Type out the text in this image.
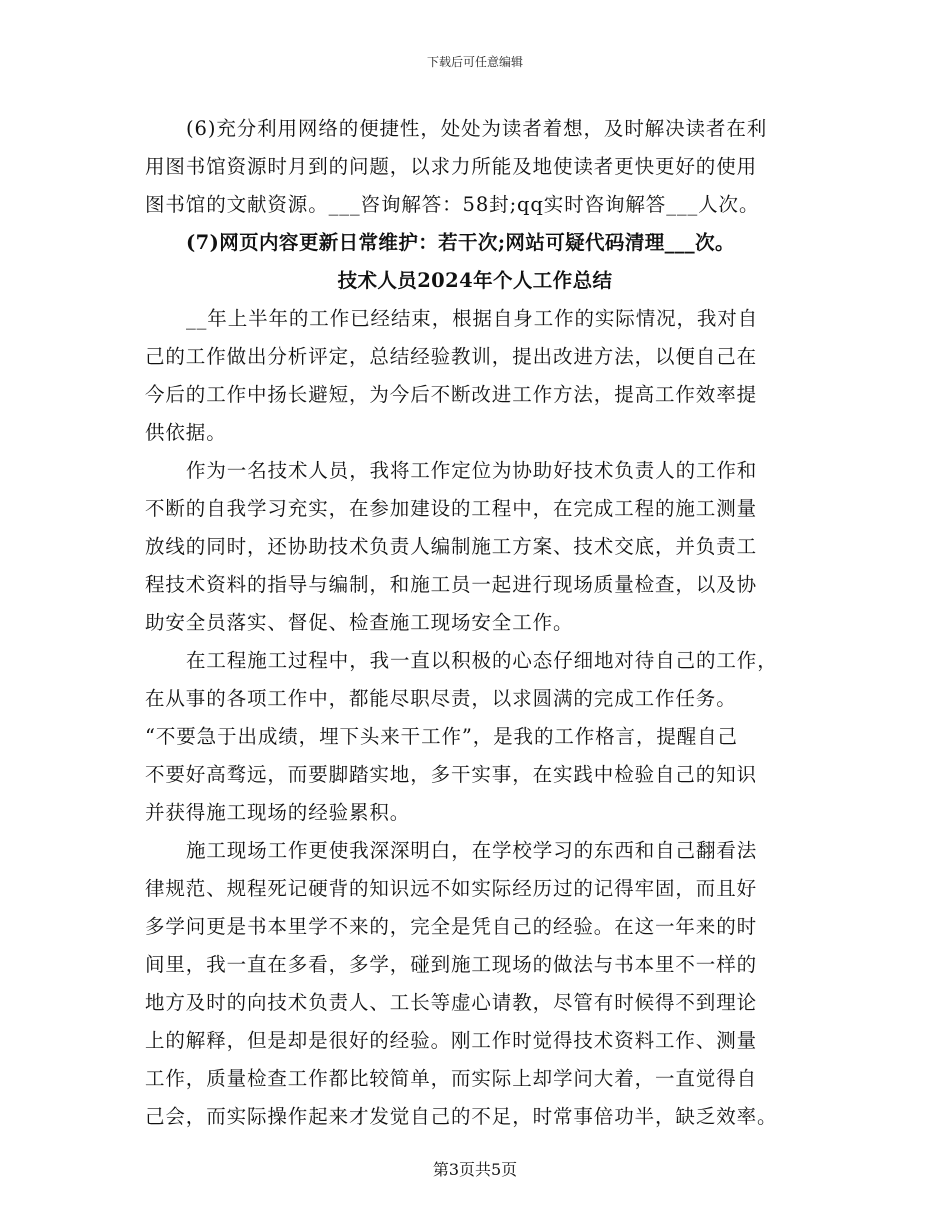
下载后可任意编辑
(6)充分利用网络的便捷性，处处为读者着想，及时解决读者在利
用图书馆资源时月到的问题，以求力所能及地使读者更快更好的使用
图书馆的文献资源。___咨询解答：58封;qq实时咨询解答___人次。
(7)网页内容更新日常维护：若干次;网站可疑代码清理___次。
技术人员2024年个人工作总结
__年上半年的工作已经结束，根据自身工作的实际情况，我对自
己的工作做出分析评定，总结经验教训，提出改进方法，以便自己在
今后的工作中扬长避短，为今后不断改进工作方法，提高工作效率提
供依据。
作为一名技术人员，我将工作定位为协助好技术负责人的工作和
不断的自我学习充实，在参加建设的工程中，在完成工程的施工测量
放线的同时，还协助技术负责人编制施工方案、技术交底，并负责工
程技术资料的指导与编制，和施工员一起进行现场质量检查，以及协
助安全员落实、督促、检查施工现场安全工作。
在工程施工过程中，我一直以积极的心态仔细地对待自己的工作，
在从事的各项工作中，都能尽职尽责，以求圆满的完成工作任务。
“不要急于出成绩，埋下头来干工作”，是我的工作格言，提醒自己
不要好高骛远，而要脚踏实地，多干实事，在实践中检验自己的知识
并获得施工现场的经验累积。
施工现场工作更使我深深明白，在学校学习的东西和自己翻看法
律规范、规程死记硬背的知识远不如实际经历过的记得牢固，而且好
多学问更是书本里学不来的，完全是凭自己的经验。在这一年来的时
间里，我一直在多看，多学，碰到施工现场的做法与书本里不一样的
地方及时的向技术负责人、工长等虚心请教，尽管有时候得不到理论
上的解释，但是却是很好的经验。刚工作时觉得技术资料工作、测量
工作，质量检查工作都比较简单，而实际上却学问大着，一直觉得自
己会，而实际操作起来才发觉自己的不足，时常事倍功半，缺乏效率。
第3页共5页
